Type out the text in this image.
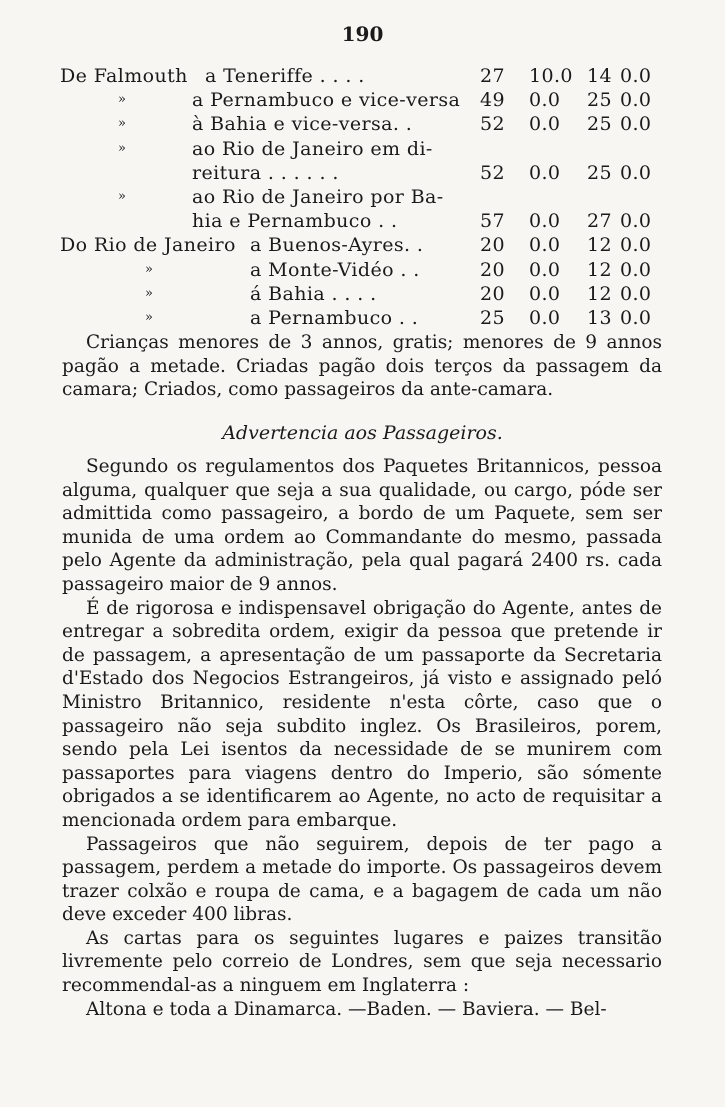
190
De Falmouth a Teneriffe . . . .	27	10.0 14 0.0
»	a Pernambuco e vice-versa 49	0.0	25 0.0
»	à Bahia e vice-versa. .	52	0.0	25 0.0
»	ao Rio de Janeiro em di-
reitura . . . . . .	52	0.0	25 0.0
»	ao Rio de Janeiro por Ba-
hia e Pernambuco . .	57	0.0	27 0.0
Do Rio de Janeiro a Buenos-Ayres. .	20	0.0	12 0.0
»	a Monte-Vidéo . .	20	0.0	12 0.0
»	á Bahia . . . .	20	0.0	12 0.0
»	a Pernambuco . .	25	0.0	13 0.0

Crianças menores de 3 annos, gratis; menores de 9 annos pagão a metade. Criadas pagão dois terços da passagem da camara; Criados, como passageiros da ante-camara.

Advertencia aos Passageiros.

Segundo os regulamentos dos Paquetes Britannicos, pessoa alguma, qualquer que seja a sua qualidade, ou cargo, póde ser admittida como passageiro, a bordo de um Paquete, sem ser munida de uma ordem ao Commandante do mesmo, passada pelo Agente da administração, pela qual pagará 2400 rs. cada passageiro maior de 9 annos.

É de rigorosa e indispensavel obrigação do Agente, antes de entregar a sobredita ordem, exigir da pessoa que pretende ir de passagem, a apresentação de um passaporte da Secretaria d'Estado dos Negocios Estrangeiros, já visto e assignado peló Ministro Britannico, residente n'esta côrte, caso que o passageiro não seja subdito inglez. Os Brasileiros, porem, sendo pela Lei isentos da necessidade de se munirem com passaportes para viagens dentro do Imperio, são sómente obrigados a se identificarem ao Agente, no acto de requisitar a mencionada ordem para embarque.

Passageiros que não seguirem, depois de ter pago a passagem, perdem a metade do importe. Os passageiros devem trazer colxão e roupa de cama, e a bagagem de cada um não deve exceder 400 libras.

As cartas para os seguintes lugares e paizes transitão livremente pelo correio de Londres, sem que seja necessario recommendal-as a ninguem em Inglaterra :

Altona e toda a Dinamarca. —Baden. — Baviera. — Bel-
